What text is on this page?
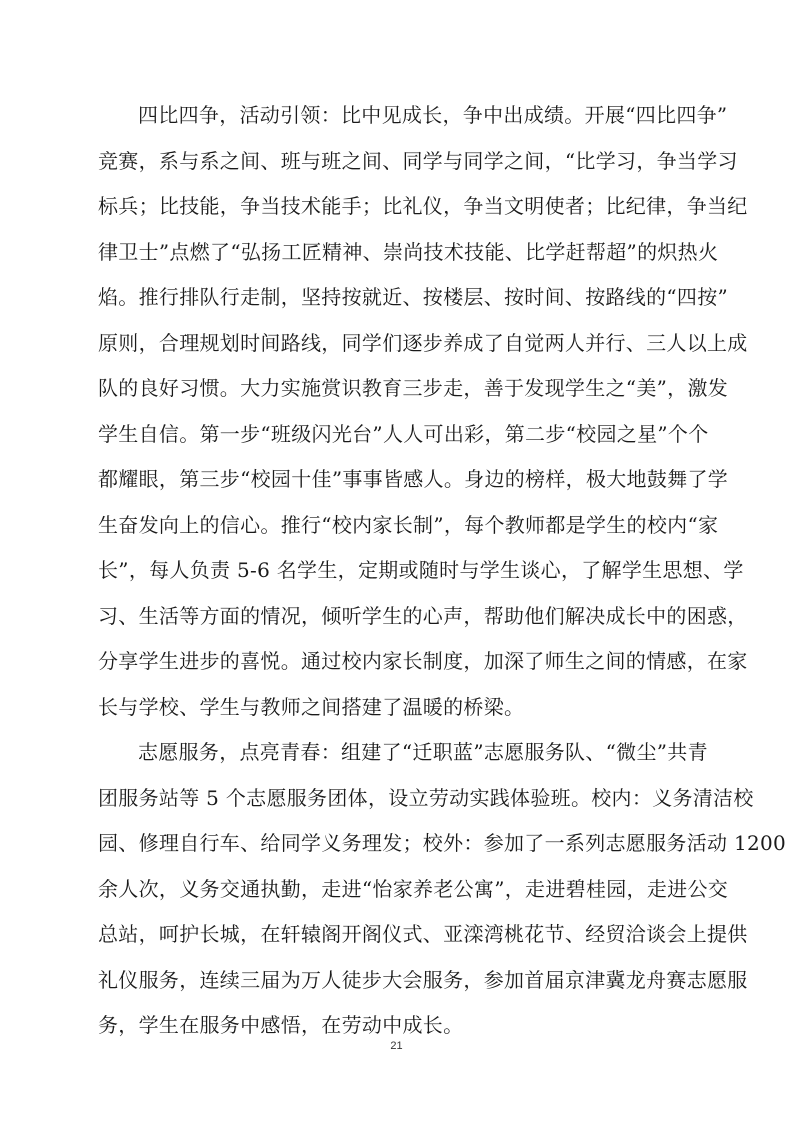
四比四争，活动引领：比中见成长，争中出成绩。开展“四比四争”
竞赛，系与系之间、班与班之间、同学与同学之间，“比学习，争当学习
标兵；比技能，争当技术能手；比礼仪，争当文明使者；比纪律，争当纪
律卫士”点燃了“弘扬工匠精神、崇尚技术技能、比学赶帮超”的炽热火
焰。推行排队行走制，坚持按就近、按楼层、按时间、按路线的“四按”
原则，合理规划时间路线，同学们逐步养成了自觉两人并行、三人以上成
队的良好习惯。大力实施赏识教育三步走，善于发现学生之“美”，激发
学生自信。第一步“班级闪光台”人人可出彩，第二步“校园之星”个个
都耀眼，第三步“校园十佳”事事皆感人。身边的榜样，极大地鼓舞了学
生奋发向上的信心。推行“校内家长制”，每个教师都是学生的校内“家
长”，每人负责 5-6 名学生，定期或随时与学生谈心，了解学生思想、学
习、生活等方面的情况，倾听学生的心声，帮助他们解决成长中的困惑，
分享学生进步的喜悦。通过校内家长制度，加深了师生之间的情感，在家
长与学校、学生与教师之间搭建了温暖的桥梁。
志愿服务，点亮青春：组建了“迁职蓝”志愿服务队、“微尘”共青
团服务站等 5 个志愿服务团体，设立劳动实践体验班。校内：义务清洁校
园、修理自行车、给同学义务理发；校外：参加了一系列志愿服务活动 1200
余人次，义务交通执勤，走进“怡家养老公寓”，走进碧桂园，走进公交
总站，呵护长城，在轩辕阁开阁仪式、亚滦湾桃花节、经贸洽谈会上提供
礼仪服务，连续三届为万人徒步大会服务，参加首届京津冀龙舟赛志愿服
务，学生在服务中感悟，在劳动中成长。
21
